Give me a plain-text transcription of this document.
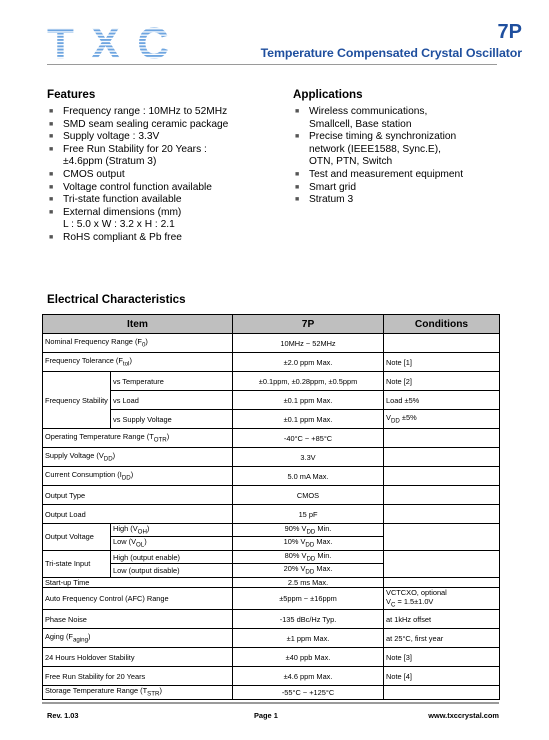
TXC	7P
Temperature Compensated Crystal Oscillator
Features
■ Frequency range : 10MHz to 52MHz
■ SMD seam sealing ceramic package
■ Supply voltage : 3.3V
■ Free Run Stability for 20 Years :
±4.6ppm (Stratum 3)
■ CMOS output
■ Voltage control function available
■ Tri-state function available
■ External dimensions (mm)
L : 5.0 x W : 3.2 x H : 2.1
■ RoHS compliant & Pb free
Applications
■ Wireless communications,
Smallcell, Base station
■ Precise timing & synchronization
network (IEEE1588, Sync.E),
OTN, PTN, Switch
■ Test and measurement equipment
■ Smart grid
■ Stratum 3
Electrical Characteristics
Item		7P	Conditions
Nominal Frequency Range $(F_0)$		10MHz ~ 52MHz	
Frequency Tolerance $(F_{tol})$		±2.0 ppm Max.	Note [1]
Frequency Stability	vs Temperature	±0.1ppm, ±0.28ppm, ±0.5ppm	Note [2]
	vs Load	±0.1 ppm Max.	Load ±5%
	vs Supply Voltage	±0.1 ppm Max.	$V_{DD} \pm 5\%$
Operating Temperature Range $(T_{OTR})$		-40°C ~ +85°C	
Supply Voltage $(V_{DD})$		3.3V	
Current Consumption $(I_{DD})$		5.0 mA Max.	
Output Type		CMOS	
Output Load		15 pF	
Output Voltage	High $(V_{OH})$	90% $V_{DD}$ Min.	
	Low $(V_{OL})$	10% $V_{DD}$ Max.	
Tri-state Input	High (output enable)	80% $V_{DD}$ Min.	
	Low (output disable)	20% $V_{DD}$ Max.	
Start-up Time		2.5 ms Max.	
Auto Frequency Control (AFC) Range		±5ppm ~ ±16ppm	VCTCXO, optional
$V_C = 1.5\pm 1.0V$
Phase Noise		-135 dBc/Hz Typ.	at 1kHz offset
Aging $(F_{aging})$		±1 ppm Max.	at 25°C, first year
24 Hours Holdover Stability		±40 ppb Max.	Note [3]
Free Run Stability for 20 Years		±4.6 ppm Max.	Note [4]
Storage Temperature Range $(T_{STR})$		-55°C ~ +125°C	
Rev. 1.03	Page 1	www.txccrystal.com
